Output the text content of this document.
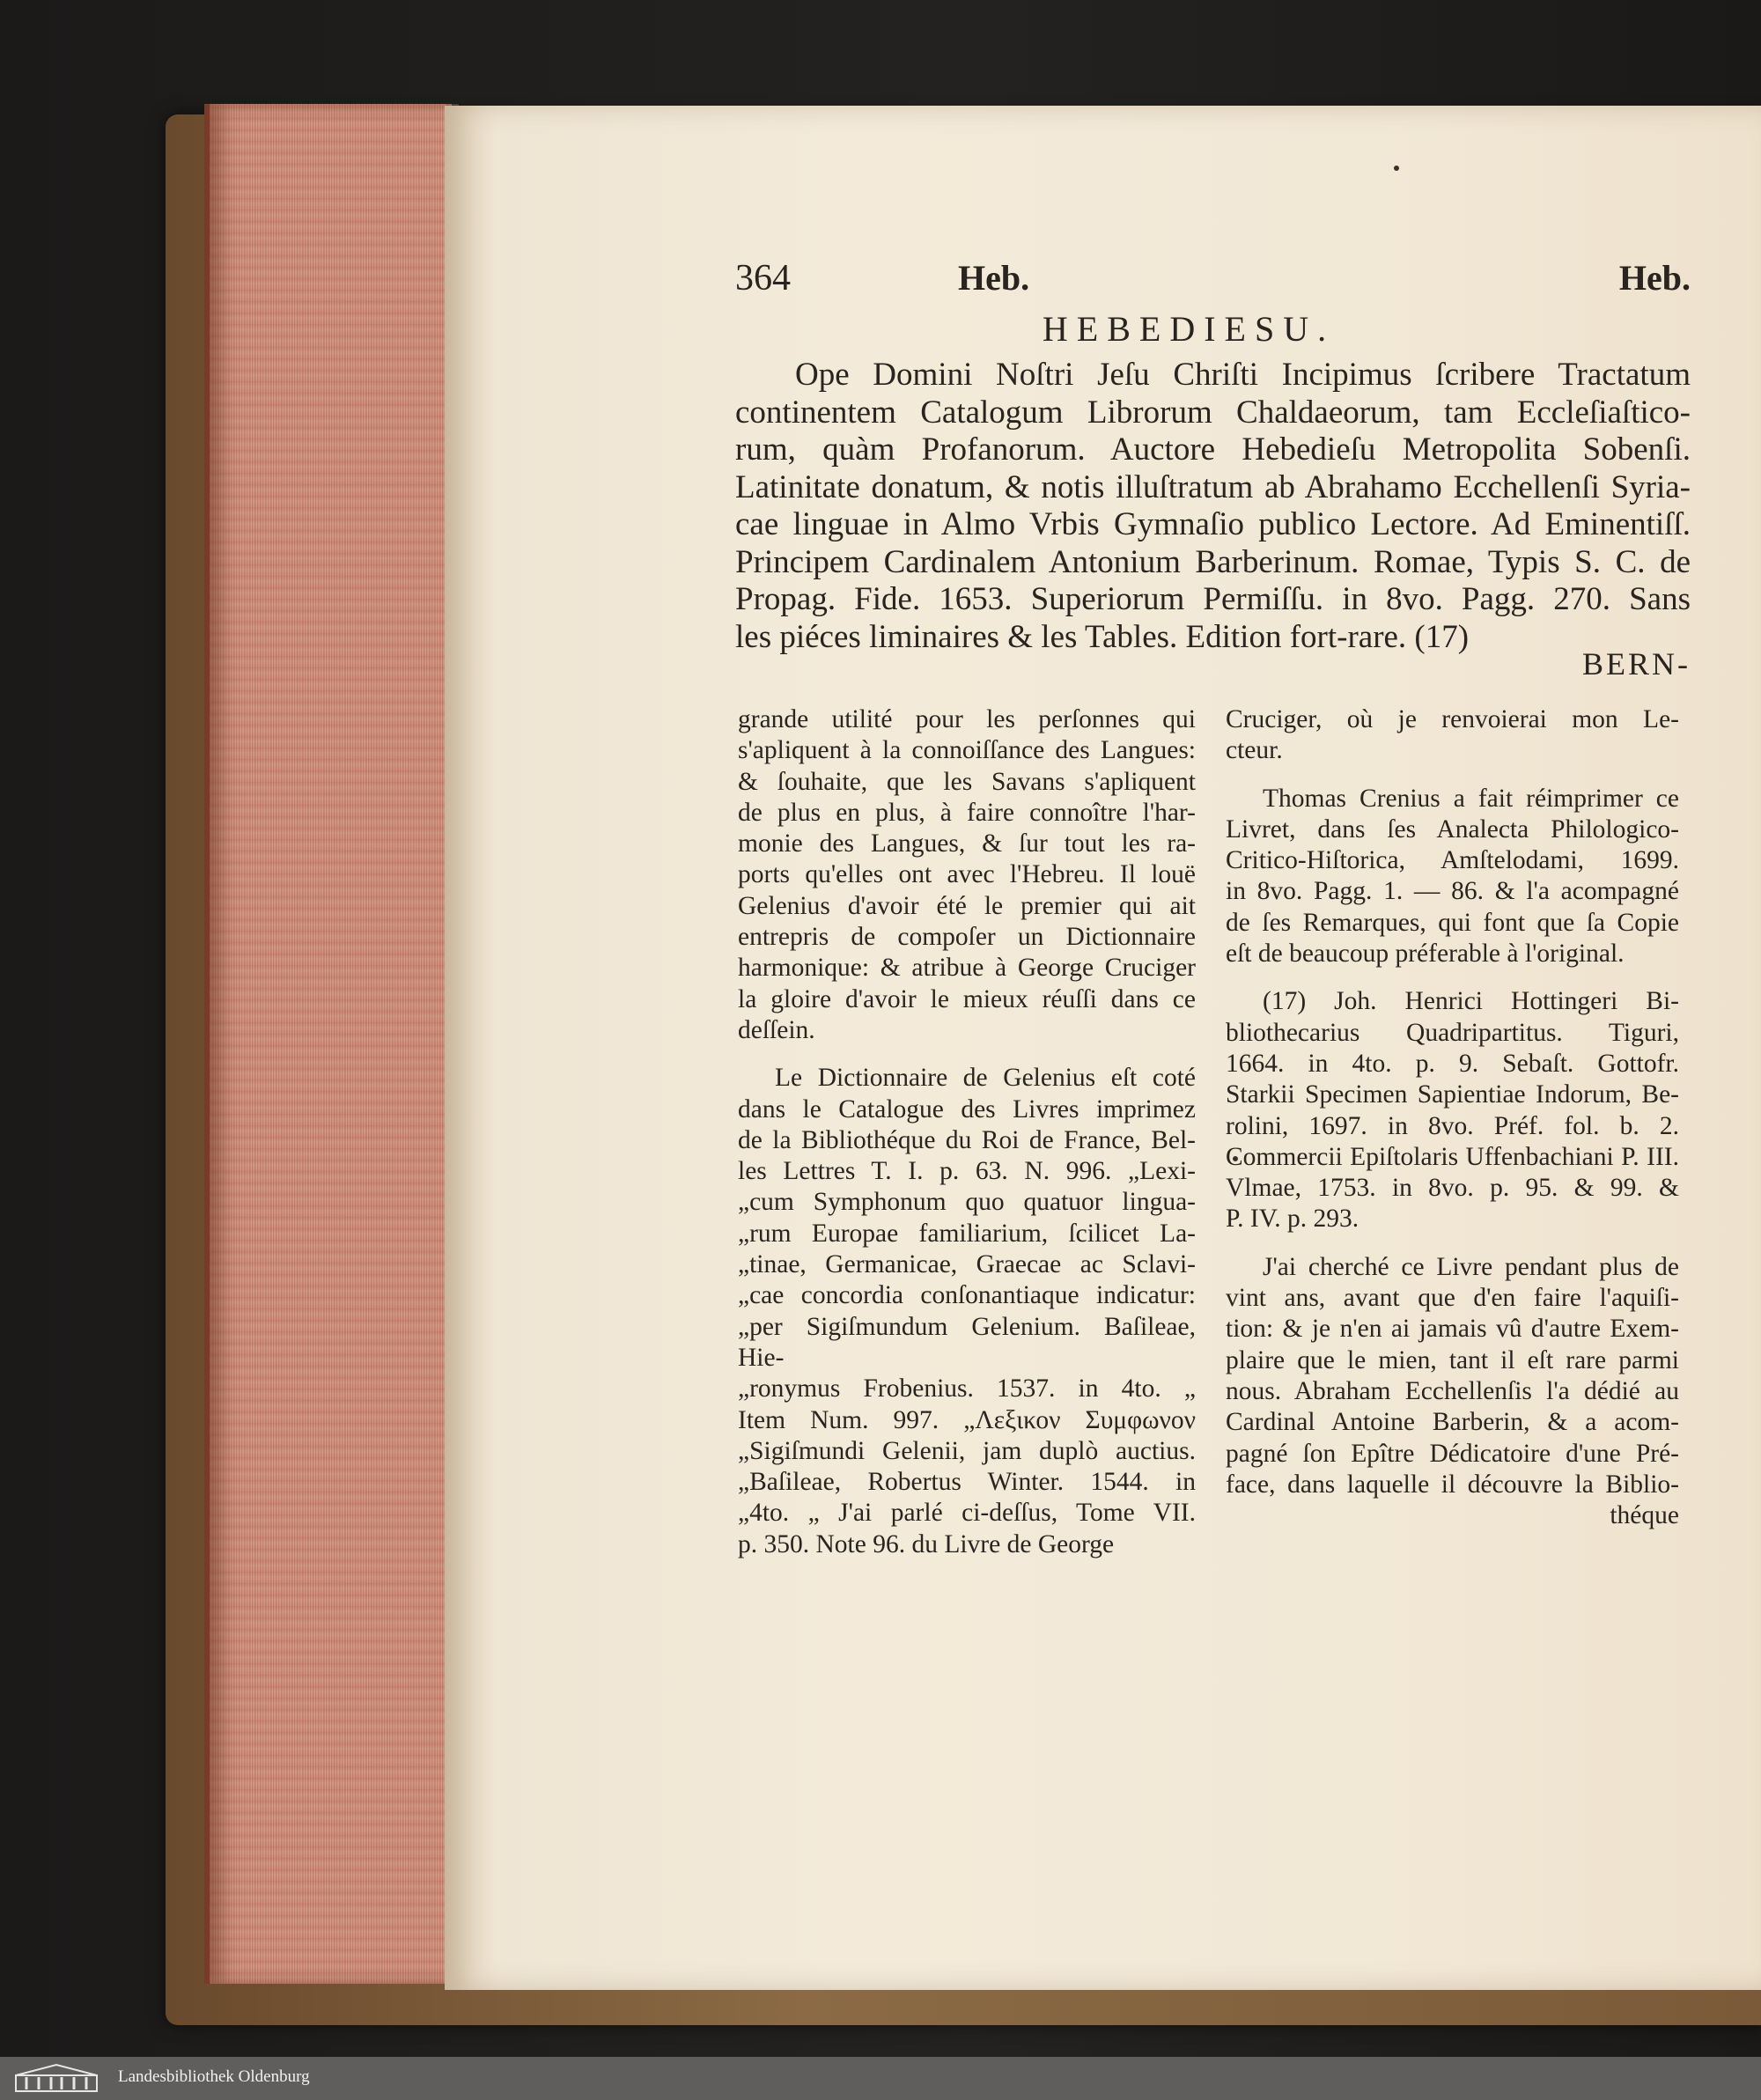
364	Heb.	Heb.
HEBEDIESU.
Ope Domini Noſtri Jeſu Chriſti Incipimus ſcribere Tractatum
continentem Catalogum Librorum Chaldaeorum, tam Eccleſiaſtico-
rum, quàm Profanorum. Auctore Hebedieſu Metropolita Sobenſi.
Latinitate donatum, & notis illuſtratum ab Abrahamo Ecchellenſi Syria-
cae linguae in Almo Vrbis Gymnaſio publico Lectore. Ad Eminentiſſ.
Principem Cardinalem Antonium Barberinum. Romae, Typis S. C. de
Propag. Fide. 1653. Superiorum Permiſſu. in 8vo. Pagg. 270. Sans
les piéces liminaires & les Tables. Edition fort-rare. (17)
BERN-
grande utilité pour les perſonnes qui
s'apliquent à la connoiſſance des Langues:
& ſouhaite, que les Savans s'apliquent
de plus en plus, à faire connoître l'har-
monie des Langues, & ſur tout les ra-
ports qu'elles ont avec l'Hebreu. Il louë
Gelenius d'avoir été le premier qui ait
entrepris de compoſer un Dictionnaire
harmonique: & atribue à George Cruciger
la gloire d'avoir le mieux réuſſi dans ce
deſſein.
Le Dictionnaire de Gelenius eſt coté
dans le Catalogue des Livres imprimez
de la Bibliothéque du Roi de France, Bel-
les Lettres T. I. p. 63. N. 996. „Lexi-
„cum Symphonum quo quatuor lingua-
„rum Europae familiarium, ſcilicet La-
„tinae, Germanicae, Graecae ac Sclavi-
„cae concordia conſonantiaque indicatur:
„per Sigiſmundum Gelenium. Baſileae, Hie-
„ronymus Frobenius. 1537. in 4to. „
Item Num. 997. „Λεξικον Συμφωνον
„Sigiſmundi Gelenii, jam duplò auctius.
„Baſileae, Robertus Winter. 1544. in
„4to. „ J'ai parlé ci-deſſus, Tome VII.
p. 350. Note 96. du Livre de George
Cruciger, où je renvoierai mon Le-
cteur.
Thomas Crenius a fait réimprimer ce
Livret, dans ſes Analecta Philologico-
Critico-Hiſtorica, Amſtelodami, 1699.
in 8vo. Pagg. 1. — 86. & l'a acompagné
de ſes Remarques, qui font que ſa Copie
eſt de beaucoup préferable à l'original.
(17) Joh. Henrici Hottingeri Bi-
bliothecarius Quadripartitus. Tiguri,
1664. in 4to. p. 9. Sebaſt. Gottofr.
Starkii Specimen Sapientiae Indorum, Be-
rolini, 1697. in 8vo. Préf. fol. b. 2.
Commercii Epiſtolaris Uffenbachiani P. III.
Vlmae, 1753. in 8vo. p. 95. & 99. &
P. IV. p. 293.
J'ai cherché ce Livre pendant plus de
vint ans, avant que d'en faire l'aquiſi-
tion: & je n'en ai jamais vû d'autre Exem-
plaire que le mien, tant il eſt rare parmi
nous. Abraham Ecchellenſis l'a dédié au
Cardinal Antoine Barberin, & a acom-
pagné ſon Epître Dédicatoire d'une Pré-
face, dans laquelle il découvre la Biblio-
théque
Landesbibliothek Oldenburg
